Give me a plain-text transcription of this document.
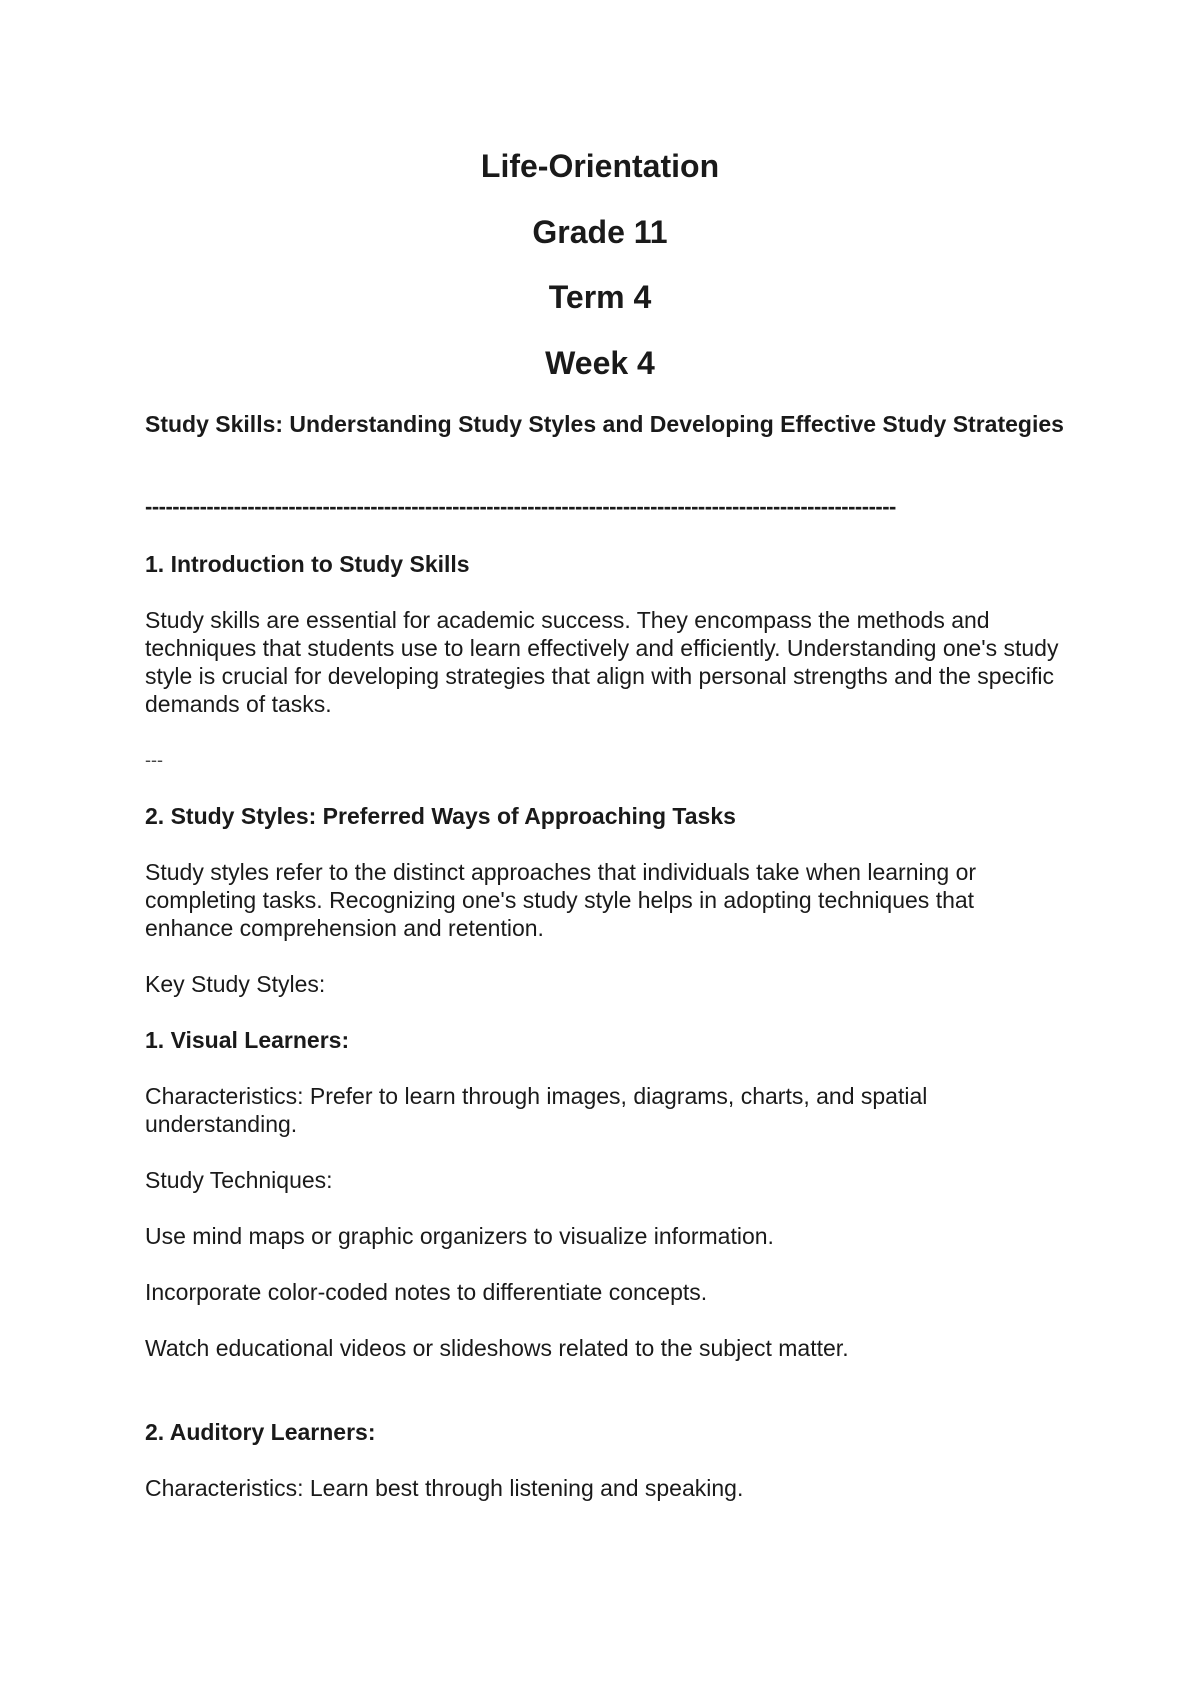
Life-Orientation
Grade 11
Term 4
Week 4
Study Skills: Understanding Study Styles and Developing Effective Study Strategies
--------------------------------------------------------------------------------------------------------------
1. Introduction to Study Skills
Study skills are essential for academic success. They encompass the methods and techniques that students use to learn effectively and efficiently. Understanding one's study style is crucial for developing strategies that align with personal strengths and the specific demands of tasks.
---
2. Study Styles: Preferred Ways of Approaching Tasks
Study styles refer to the distinct approaches that individuals take when learning or completing tasks. Recognizing one's study style helps in adopting techniques that enhance comprehension and retention.
Key Study Styles:
1. Visual Learners:
Characteristics: Prefer to learn through images, diagrams, charts, and spatial understanding.
Study Techniques:
Use mind maps or graphic organizers to visualize information.
Incorporate color-coded notes to differentiate concepts.
Watch educational videos or slideshows related to the subject matter.
2. Auditory Learners:
Characteristics: Learn best through listening and speaking.
